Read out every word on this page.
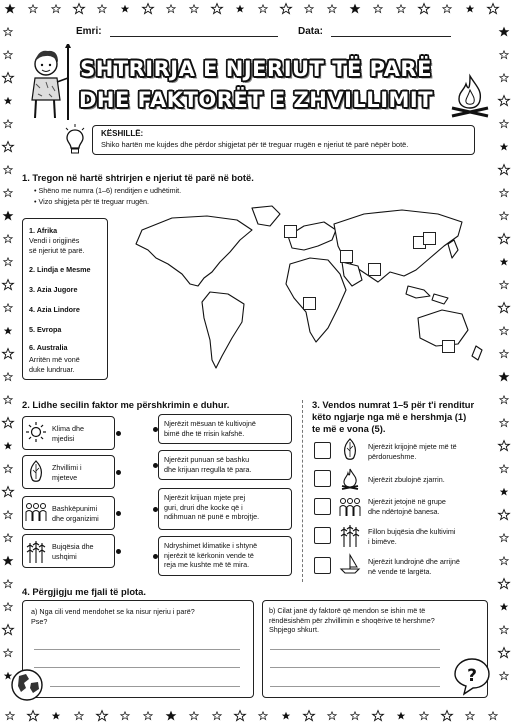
Emri:	Data:
SHTRIRJA E NJERIUT TË PARË
DHE FAKTORËT E ZHVILLIMIT
KËSHILLË:
Shiko hartën me kujdes dhe përdor shigjetat për të treguar rrugën e njeriut të parë nëpër botë.
1. Tregon në hartë shtrirjen e njeriut të parë në botë.
• Shëno me numra (1–6) renditjen e udhëtimit.
• Vizo shigjeta për të treguar rrugën.
1. Afrika
Vendi i origjinës
së njeriut të parë.
2. Lindja e Mesme
3. Azia Jugore
4. Azia Lindore
5. Evropa
6. Australia
Arritën më vonë
duke lundruar.
2. Lidhe secilin faktor me përshkrimin e duhur.
Klima dhe
mjedisi
Zhvillimi i
mjeteve
Bashkëpunimi
dhe organizimi
Bujqësia dhe
ushqimi
Njerëzit mësuan të kultivojnë
bimë dhe të rrisin kafshë.
Njerëzit punuan së bashku
dhe krijuan rregulla të para.
Njerëzit krijuan mjete prej
guri, druri dhe kocke që i
ndihmuan në punë e mbrojtje.
Ndryshimet klimatike i shtynë
njerëzit të kërkonin vende të
reja me kushte më të mira.
3. Vendos numrat 1–5 për t'i renditur
këto ngjarje nga më e hershmja (1)
te më e vona (5).
Njerëzit krijojnë mjete më të
përdorueshme.
Njerëzit zbulojnë zjarrin.
Njerëzit jetojnë në grupe
dhe ndërtojnë banesa.
Fillon bujqësia dhe kultivimi
i bimëve.
Njerëzit lundrojnë dhe arrijnë
në vende të largëta.
4. Përgjigju me fjali të plota.
a) Nga cili vend mendohet se ka nisur njeriu i parë?
Pse?
b) Cilat janë dy faktorë që mendon se ishin më të
rëndësishëm për zhvillimin e shoqërive të hershme?
Shpjego shkurt.
?
